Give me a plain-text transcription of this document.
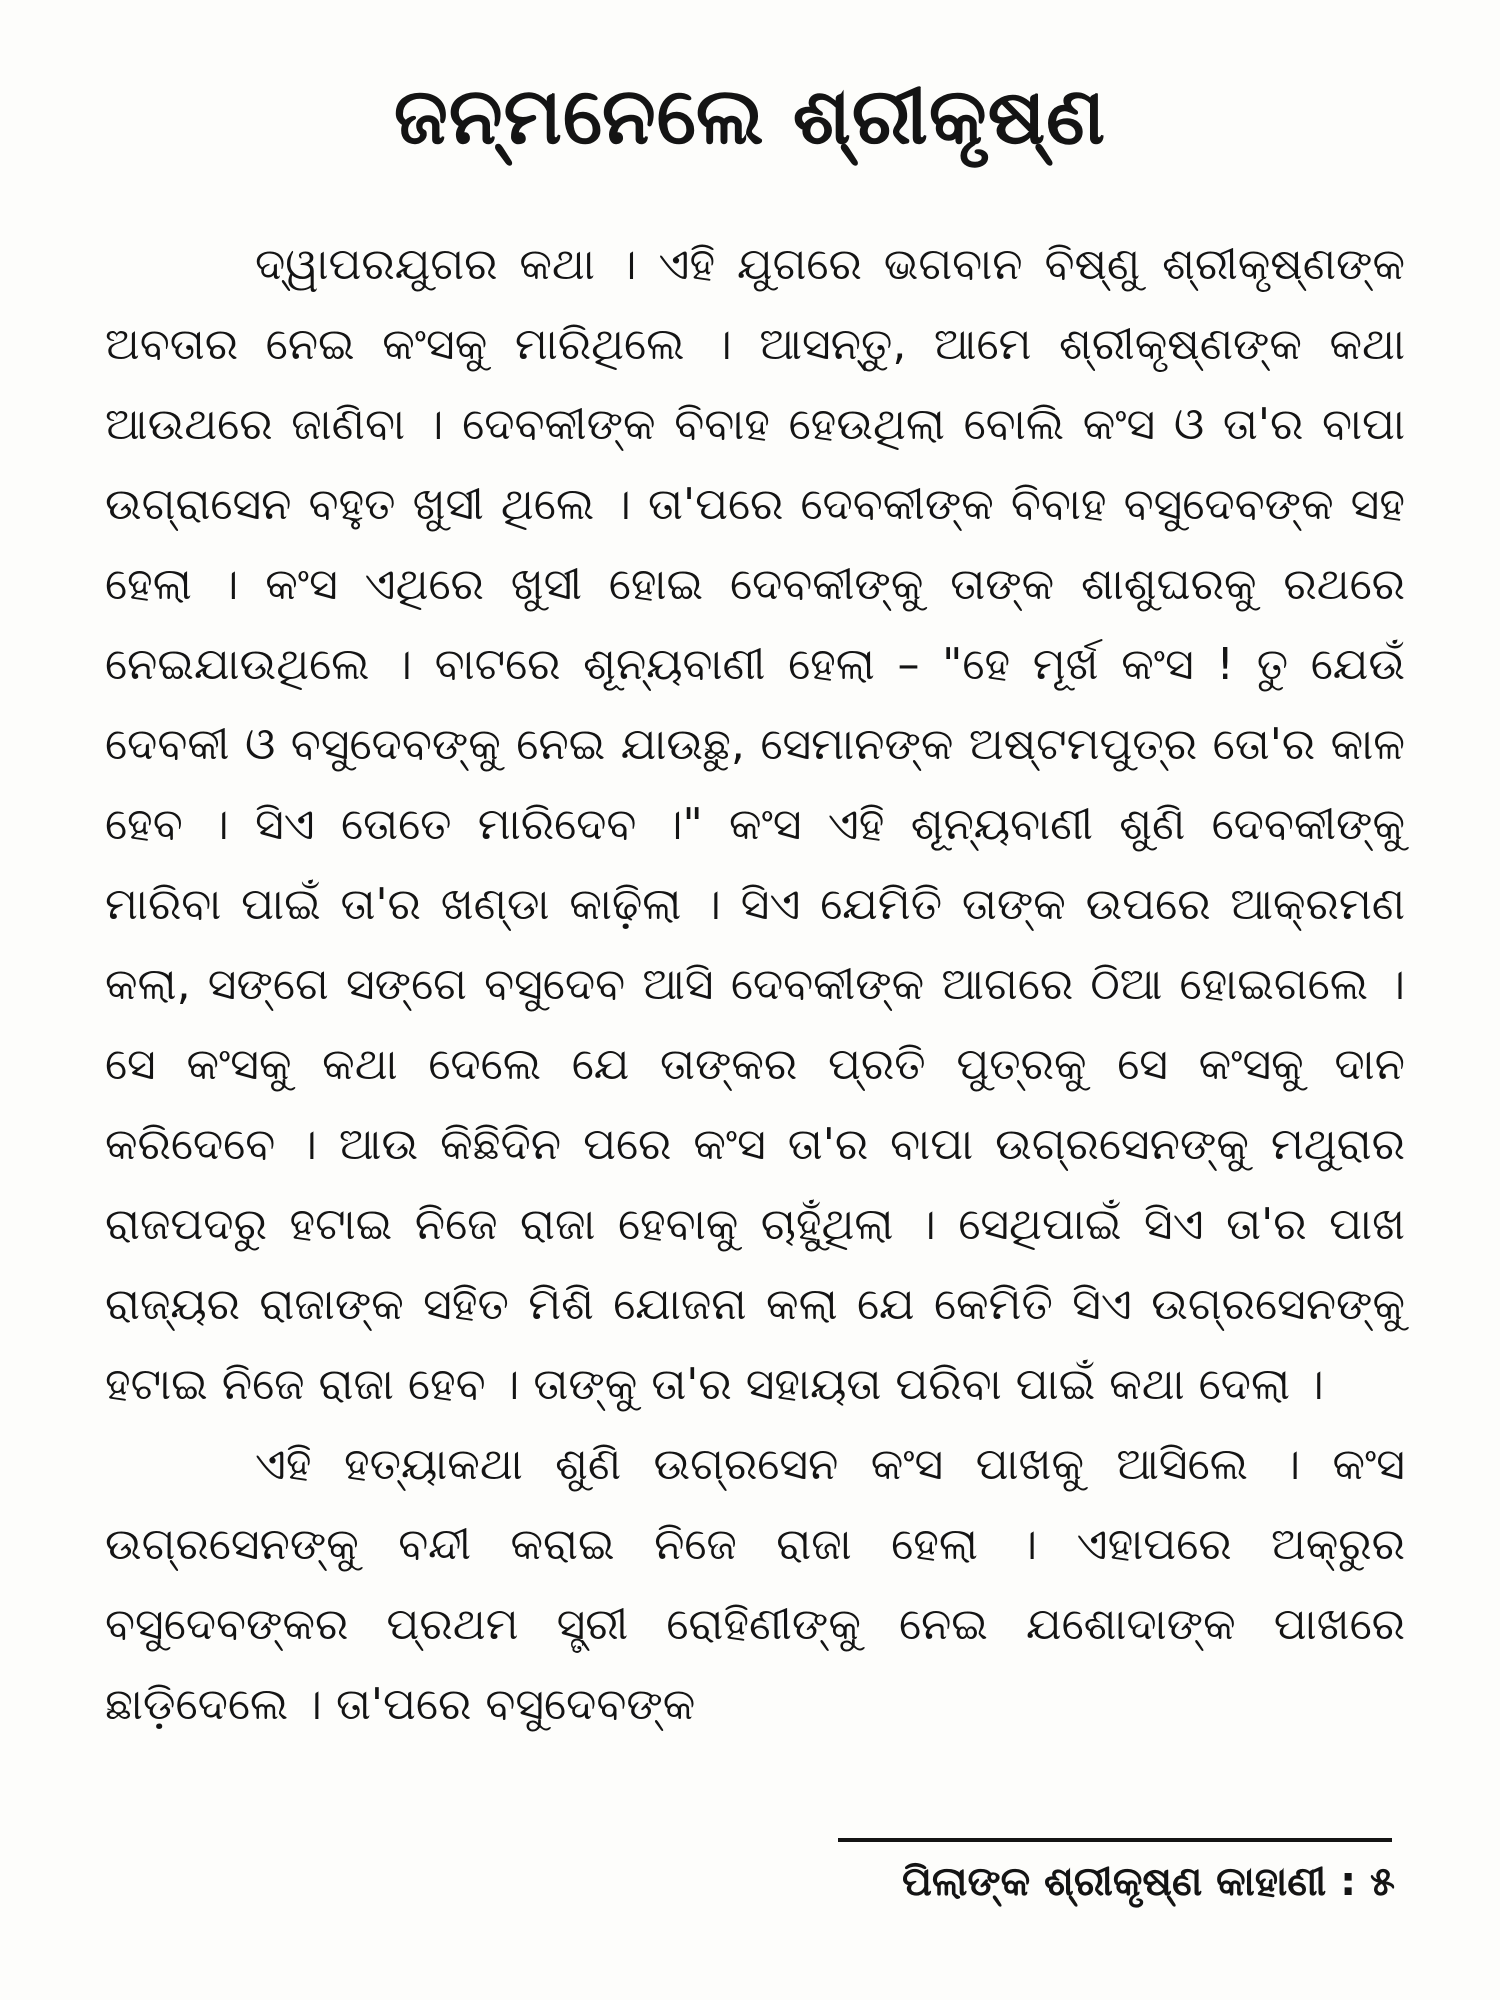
ଜନ୍ମନେଲେ ଶ୍ରୀକୃଷ୍ଣ

ଦ୍ୱାପରଯୁଗର କଥା । ଏହି ଯୁଗରେ ଭଗବାନ ବିଷ୍ଣୁ ଶ୍ରୀକୃଷ୍ଣଙ୍କ ଅବତାର ନେଇ କଂସକୁ ମାରିଥିଲେ । ଆସନ୍ତୁ, ଆମେ ଶ୍ରୀକୃଷ୍ଣଙ୍କ କଥା ଆଉଥରେ ଜାଣିବା । ଦେବକୀଙ୍କ ବିବାହ ହେଉଥିଲା ବୋଲି କଂସ ଓ ତା'ର ବାପା ଉଗ୍ରାସେନ ବହୁତ ଖୁସୀ ଥିଲେ । ତା'ପରେ ଦେବକୀଙ୍କ ବିବାହ ବସୁଦେବଙ୍କ ସହ ହେଲା । କଂସ ଏଥିରେ ଖୁସୀ ହୋଇ ଦେବକୀଙ୍କୁ ତାଙ୍କ ଶାଶୁଘରକୁ ରଥରେ ନେଇଯାଉଥିଲେ । ବାଟରେ ଶୂନ୍ୟବାଣୀ ହେଲା – "ହେ ମୂର୍ଖ କଂସ ! ତୁ ଯେଉଁ ଦେବକୀ ଓ ବସୁଦେବଙ୍କୁ ନେଇ ଯାଉଛୁ, ସେମାନଙ୍କ ଅଷ୍ଟମପୁତ୍ର ତୋ'ର କାଳ ହେବ । ସିଏ ତୋତେ ମାରିଦେବ ।" କଂସ ଏହି ଶୂନ୍ୟବାଣୀ ଶୁଣି ଦେବକୀଙ୍କୁ ମାରିବା ପାଇଁ ତା'ର ଖଣ୍ଡା କାଢ଼ିଲା । ସିଏ ଯେମିତି ତାଙ୍କ ଉପରେ ଆକ୍ରମଣ କଲା, ସଙ୍ଗେ ସଙ୍ଗେ ବସୁଦେବ ଆସି ଦେବକୀଙ୍କ ଆଗରେ ଠିଆ ହୋଇଗଲେ । ସେ କଂସକୁ କଥା ଦେଲେ ଯେ ତାଙ୍କର ପ୍ରତି ପୁତ୍ରକୁ ସେ କଂସକୁ ଦାନ କରିଦେବେ । ଆଉ କିଛିଦିନ ପରେ କଂସ ତା'ର ବାପା ଉଗ୍ରସେନଙ୍କୁ ମଥୁରାର ରାଜପଦରୁ ହଟାଇ ନିଜେ ରାଜା ହେବାକୁ ଚାହୁଁଥିଲା । ସେଥିପାଇଁ ସିଏ ତା'ର ପାଖ ରାଜ୍ୟର ରାଜାଙ୍କ ସହିତ ମିଶି ଯୋଜନା କଲା ଯେ କେମିତି ସିଏ ଉଗ୍ରସେନଙ୍କୁ ହଟାଇ ନିଜେ ରାଜା ହେବ । ତାଙ୍କୁ ତା'ର ସହାୟତା ପରିବା ପାଇଁ କଥା ଦେଲା ।

ଏହି ହତ୍ୟାକଥା ଶୁଣି ଉଗ୍ରସେନ କଂସ ପାଖକୁ ଆସିଲେ । କଂସ ଉଗ୍ରସେନଙ୍କୁ ବନ୍ଦୀ କରାଇ ନିଜେ ରାଜା ହେଲା । ଏହାପରେ ଅକ୍ରୁର ବସୁଦେବଙ୍କର ପ୍ରଥମ ସ୍ତ୍ରୀ ରୋହିଣୀଙ୍କୁ ନେଇ ଯଶୋଦାଙ୍କ ପାଖରେ ଛାଡ଼ିଦେଲେ । ତା'ପରେ ବସୁଦେବଙ୍କ

ପିଲାଙ୍କ ଶ୍ରୀକୃଷ୍ଣ କାହାଣୀ : ୫
